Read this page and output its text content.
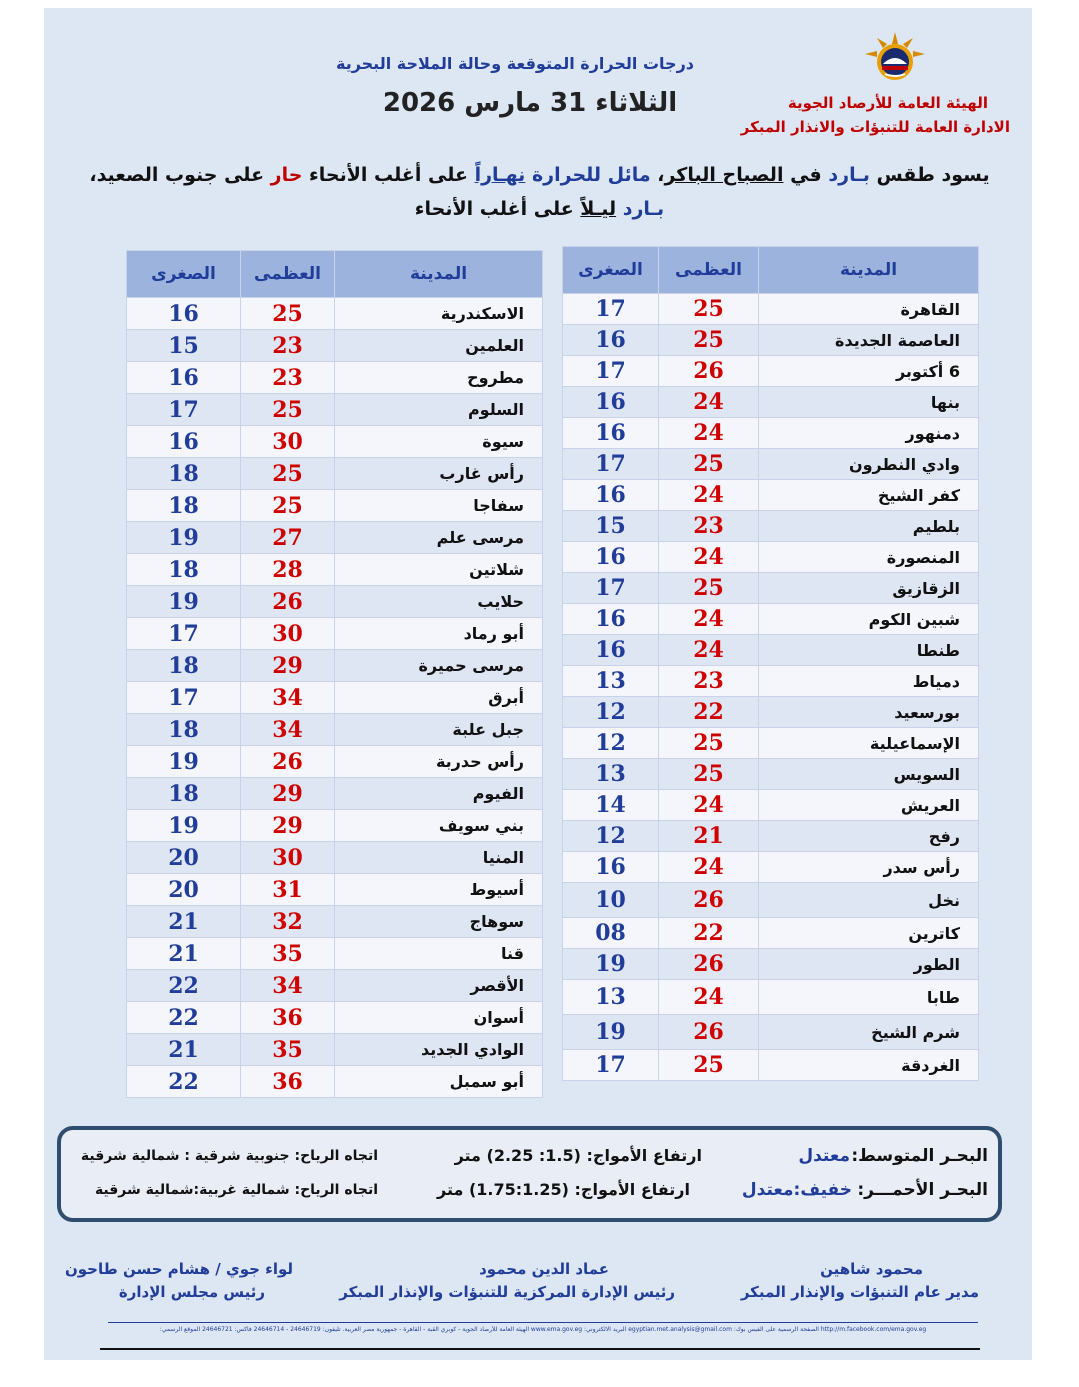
الهيئة العامة للأرصاد الجوية
الادارة العامة للتنبؤات والانذار المبكر
درجات الحرارة المتوقعة وحالة الملاحة البحرية
الثلاثاء 31 مارس 2026
يسود طقس بـارد في الصباح الباكر، مائل للحرارة نهـاراً على أغلب الأنحاء حار على جنوب الصعيد،
بـارد ليـلاً على أغلب الأنحاء
المدينة	العظمى	الصغرى
القاهرة	25	17
العاصمة الجديدة	25	16
6 أكتوبر	26	17
بنها	24	16
دمنهور	24	16
وادي النطرون	25	17
كفر الشيخ	24	16
بلطيم	23	15
المنصورة	24	16
الزقازيق	25	17
شبين الكوم	24	16
طنطا	24	16
دمياط	23	13
بورسعيد	22	12
الإسماعيلية	25	12
السويس	25	13
العريش	24	14
رفح	21	12
رأس سدر	24	16
نخل	26	10
كاترين	22	08
الطور	26	19
طابا	24	13
شرم الشيخ	26	19
الغردقة	25	17
المدينة	العظمى	الصغرى
الاسكندرية	25	16
العلمين	23	15
مطروح	23	16
السلوم	25	17
سيوة	30	16
رأس غارب	25	18
سفاجا	25	18
مرسى علم	27	19
شلاتين	28	18
حلايب	26	19
أبو رماد	30	17
مرسى حميرة	29	18
أبرق	34	17
جبل علبة	34	18
رأس حدربة	26	19
الفيوم	29	18
بني سويف	29	19
المنيا	30	20
أسيوط	31	20
سوهاج	32	21
قنا	35	21
الأقصر	34	22
أسوان	36	22
الوادي الجديد	35	21
أبو سمبل	36	22
البحـر المتوسط:
معتدل
ارتفاع الأمواج: (1.5: 2.25) متر
اتجاه الرياح: جنوبية شرقية : شمالية شرقية
البحـر الأحمـــر:
خفيف:معتدل
ارتفاع الأمواج: (1.75:1.25) متر
اتجاه الرياح: شمالية غربية:شمالية شرقية
محمود شاهين
مدير عام التنبؤات والإنذار المبكر
عماد الدين محمود
رئيس الإدارة المركزية للتنبؤات والإنذار المبكر
لواء جوي / هشام حسن طاحون
رئيس مجلس الإدارة
http://m.facebook.com/ema.gov.eg الصفحة الرسمية على الفيس بوك: egyptian.met.analysis@gmail.com البريد الالكتروني: www.ema.gov.eg الهيئة العامة للأرصاد الجوية - كوبري القبة - القاهرة - جمهورية مصر العربية. تليفون: 24646719 - 24646714 فاكس: 24646721 الموقع الرسمي:
